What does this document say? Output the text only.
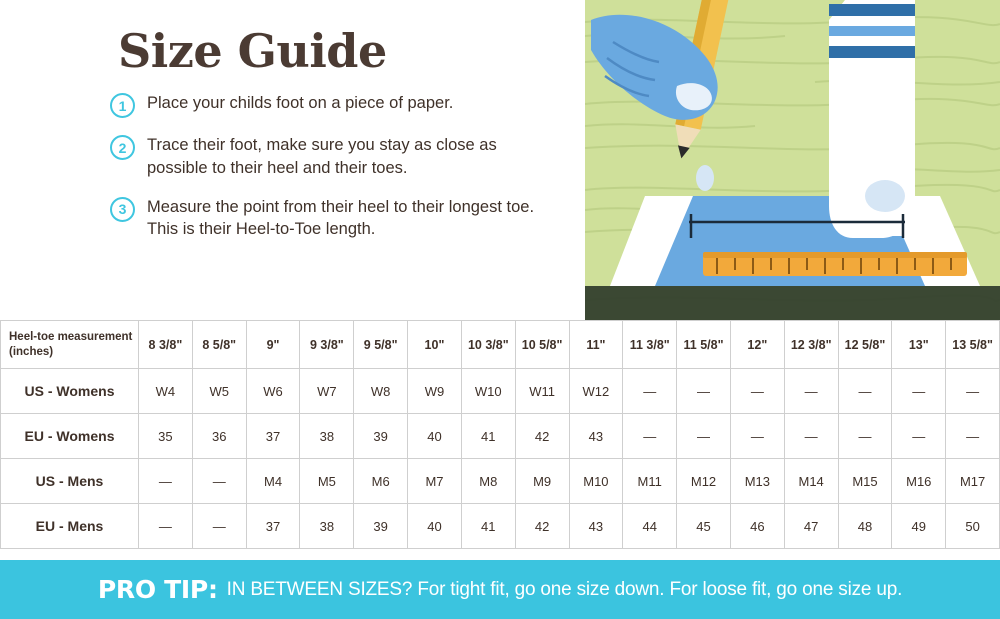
Size Guide
1	Place your childs foot on a piece of paper.
2	Trace their foot, make sure you stay as close as possible to their heel and their toes.
3	Measure the point from their heel to their longest toe. This is their Heel-to-Toe length.
Heel-toe measurement (inches)	8 3/8"	8 5/8"	9"	9 3/8"	9 5/8"	10"	10 3/8"	10 5/8"	11"	11 3/8"	11 5/8"	12"	12 3/8"	12 5/8"	13"	13 5/8"
US - Womens	W4	W5	W6	W7	W8	W9	W10	W11	W12	—	—	—	—	—	—	—
EU - Womens	35	36	37	38	39	40	41	42	43	—	—	—	—	—	—	—
US - Mens	—	—	M4	M5	M6	M7	M8	M9	M10	M11	M12	M13	M14	M15	M16	M17
EU - Mens	—	—	37	38	39	40	41	42	43	44	45	46	47	48	49	50
PRO TIP: IN BETWEEN SIZES? For tight fit, go one size down. For loose fit, go one size up.
